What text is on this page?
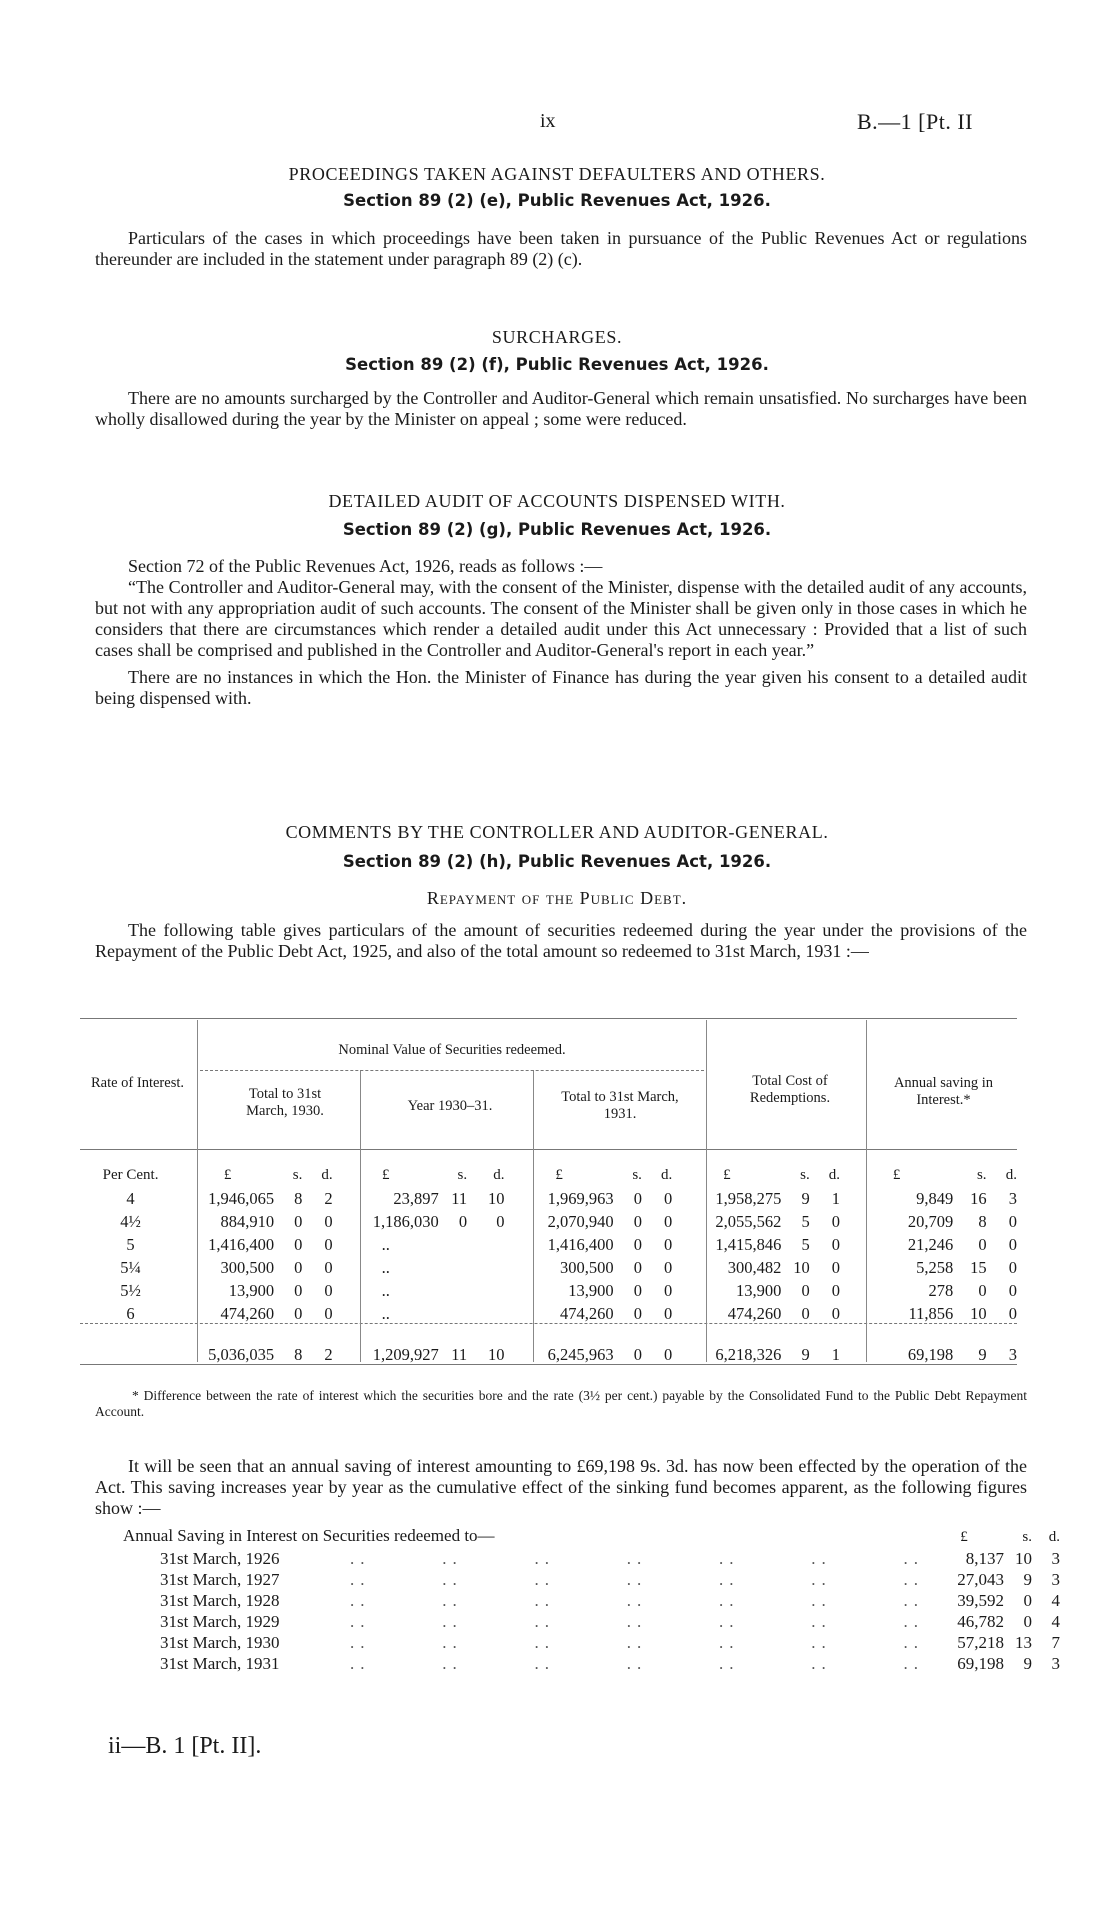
ix	B.—1 [Pt. II
PROCEEDINGS TAKEN AGAINST DEFAULTERS AND OTHERS.
Section 89 (2) (e), Public Revenues Act, 1926.

Particulars of the cases in which proceedings have been taken in pursuance of the Public Revenues Act or regulations thereunder are included in the statement under paragraph 89 (2) (c).

SURCHARGES.
Section 89 (2) (f), Public Revenues Act, 1926.

There are no amounts surcharged by the Controller and Auditor-General which remain unsatisfied. No surcharges have been wholly disallowed during the year by the Minister on appeal ; some were reduced.

DETAILED AUDIT OF ACCOUNTS DISPENSED WITH.
Section 89 (2) (g), Public Revenues Act, 1926.

Section 72 of the Public Revenues Act, 1926, reads as follows :—

“The Controller and Auditor-General may, with the consent of the Minister, dispense with the detailed audit of any accounts, but not with any appropriation audit of such accounts. The consent of the Minister shall be given only in those cases in which he considers that there are circumstances which render a detailed audit under this Act unnecessary : Provided that a list of such cases shall be comprised and published in the Controller and Auditor-General's report in each year.”

There are no instances in which the Hon. the Minister of Finance has during the year given his consent to a detailed audit being dispensed with.

COMMENTS BY THE CONTROLLER AND AUDITOR-GENERAL.
Section 89 (2) (h), Public Revenues Act, 1926.
Repayment of the Public Debt.

The following table gives particulars of the amount of securities redeemed during the year under the provisions of the Repayment of the Public Debt Act, 1925, and also of the total amount so redeemed to 31st March, 1931 :—

Rate of Interest.
Nominal Value of Securities redeemed.
Total to 31st March, 1930.	Year 1930–31.
Total to 31st March, 1931.
Total Cost of Redemptions.
Annual saving in Interest.*
Per Cent.	£	s.	d.	£	s.	d.	£	s.	d.	£	s.	d.	£	s.	d.
4	1,946,065	8	2	23,897	11	10	1,969,963	0	0	1,958,275	9	1	9,849	16	3
4½	884,910	0	0	1,186,030	0	0	2,070,940	0	0	2,055,562	5	0	20,709	8	0
5	1,416,400	0	0	..			1,416,400	0	0	1,415,846	5	0	21,246	0	0
5¼	300,500	0	0	..			300,500	0	0	300,482	10	0	5,258	15	0
5½	13,900	0	0	..			13,900	0	0	13,900	0	0	278	0	0
6	474,260	0	0	..			474,260	0	0	474,260	0	0	11,856	10	0

	5,036,035	8	2	1,209,927	11	10	6,245,963	0	0	6,218,326	9	1	69,198	9	3
* Difference between the rate of interest which the securities bore and the rate (3½ per cent.) payable by the Consolidated Fund to the Public Debt Repayment Account.

It will be seen that an annual saving of interest amounting to £69,198 9s. 3d. has now been effected by the operation of the Act. This saving increases year by year as the cumulative effect of the sinking fund becomes apparent, as the following figures show :—

Annual Saving in Interest on Securities redeemed to—
			£	s.	d.
31st March, 1926	..       ..       ..       ..       ..       ..       ..	8,137	10	3
31st March, 1927	..       ..       ..       ..       ..       ..       ..	27,043	9	3
31st March, 1928	..       ..       ..       ..       ..       ..       ..	39,592	0	4
31st March, 1929	..       ..       ..       ..       ..       ..       ..	46,782	0	4
31st March, 1930	..       ..       ..       ..       ..       ..       ..	57,218	13	7
31st March, 1931	..       ..       ..       ..       ..       ..       ..	69,198	9	3
ii—B. 1 [Pt. II].
